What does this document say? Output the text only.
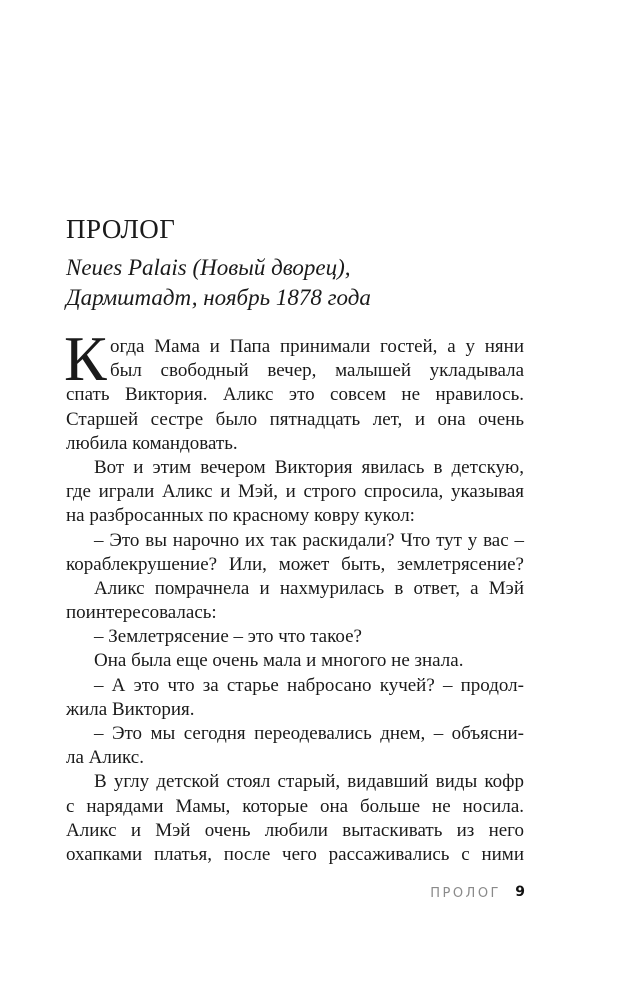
ПРОЛОГ
Neues Palais (Новый дворец),
Дармштадт, ноябрь 1878 года
К огда Мама и Папа принимали гостей, а у няни
был свободный вечер, малышей укладывала
спать Виктория. Аликс это совсем не нравилось.
Старшей сестре было пятнадцать лет, и она очень
любила командовать.
Вот и этим вечером Виктория явилась в детскую,
где играли Аликс и Мэй, и строго спросила, указывая
на разбросанных по красному ковру кукол:
– Это вы нарочно их так раскидали? Что тут у вас –
кораблекрушение? Или, может быть, землетрясение?
Аликс помрачнела и нахмурилась в ответ, а Мэй
поинтересовалась:
– Землетрясение – это что такое?
Она была еще очень мала и многого не знала.
– А это что за старье набросано кучей? – продол-
жила Виктория.
– Это мы сегодня переодевались днем, – объясни-
ла Аликс.
В углу детской стоял старый, видавший виды кофр
с нарядами Мамы, которые она больше не носила.
Аликс и Мэй очень любили вытаскивать из него
охапками платья, после чего рассаживались с ними
ПРОЛОГ 9
